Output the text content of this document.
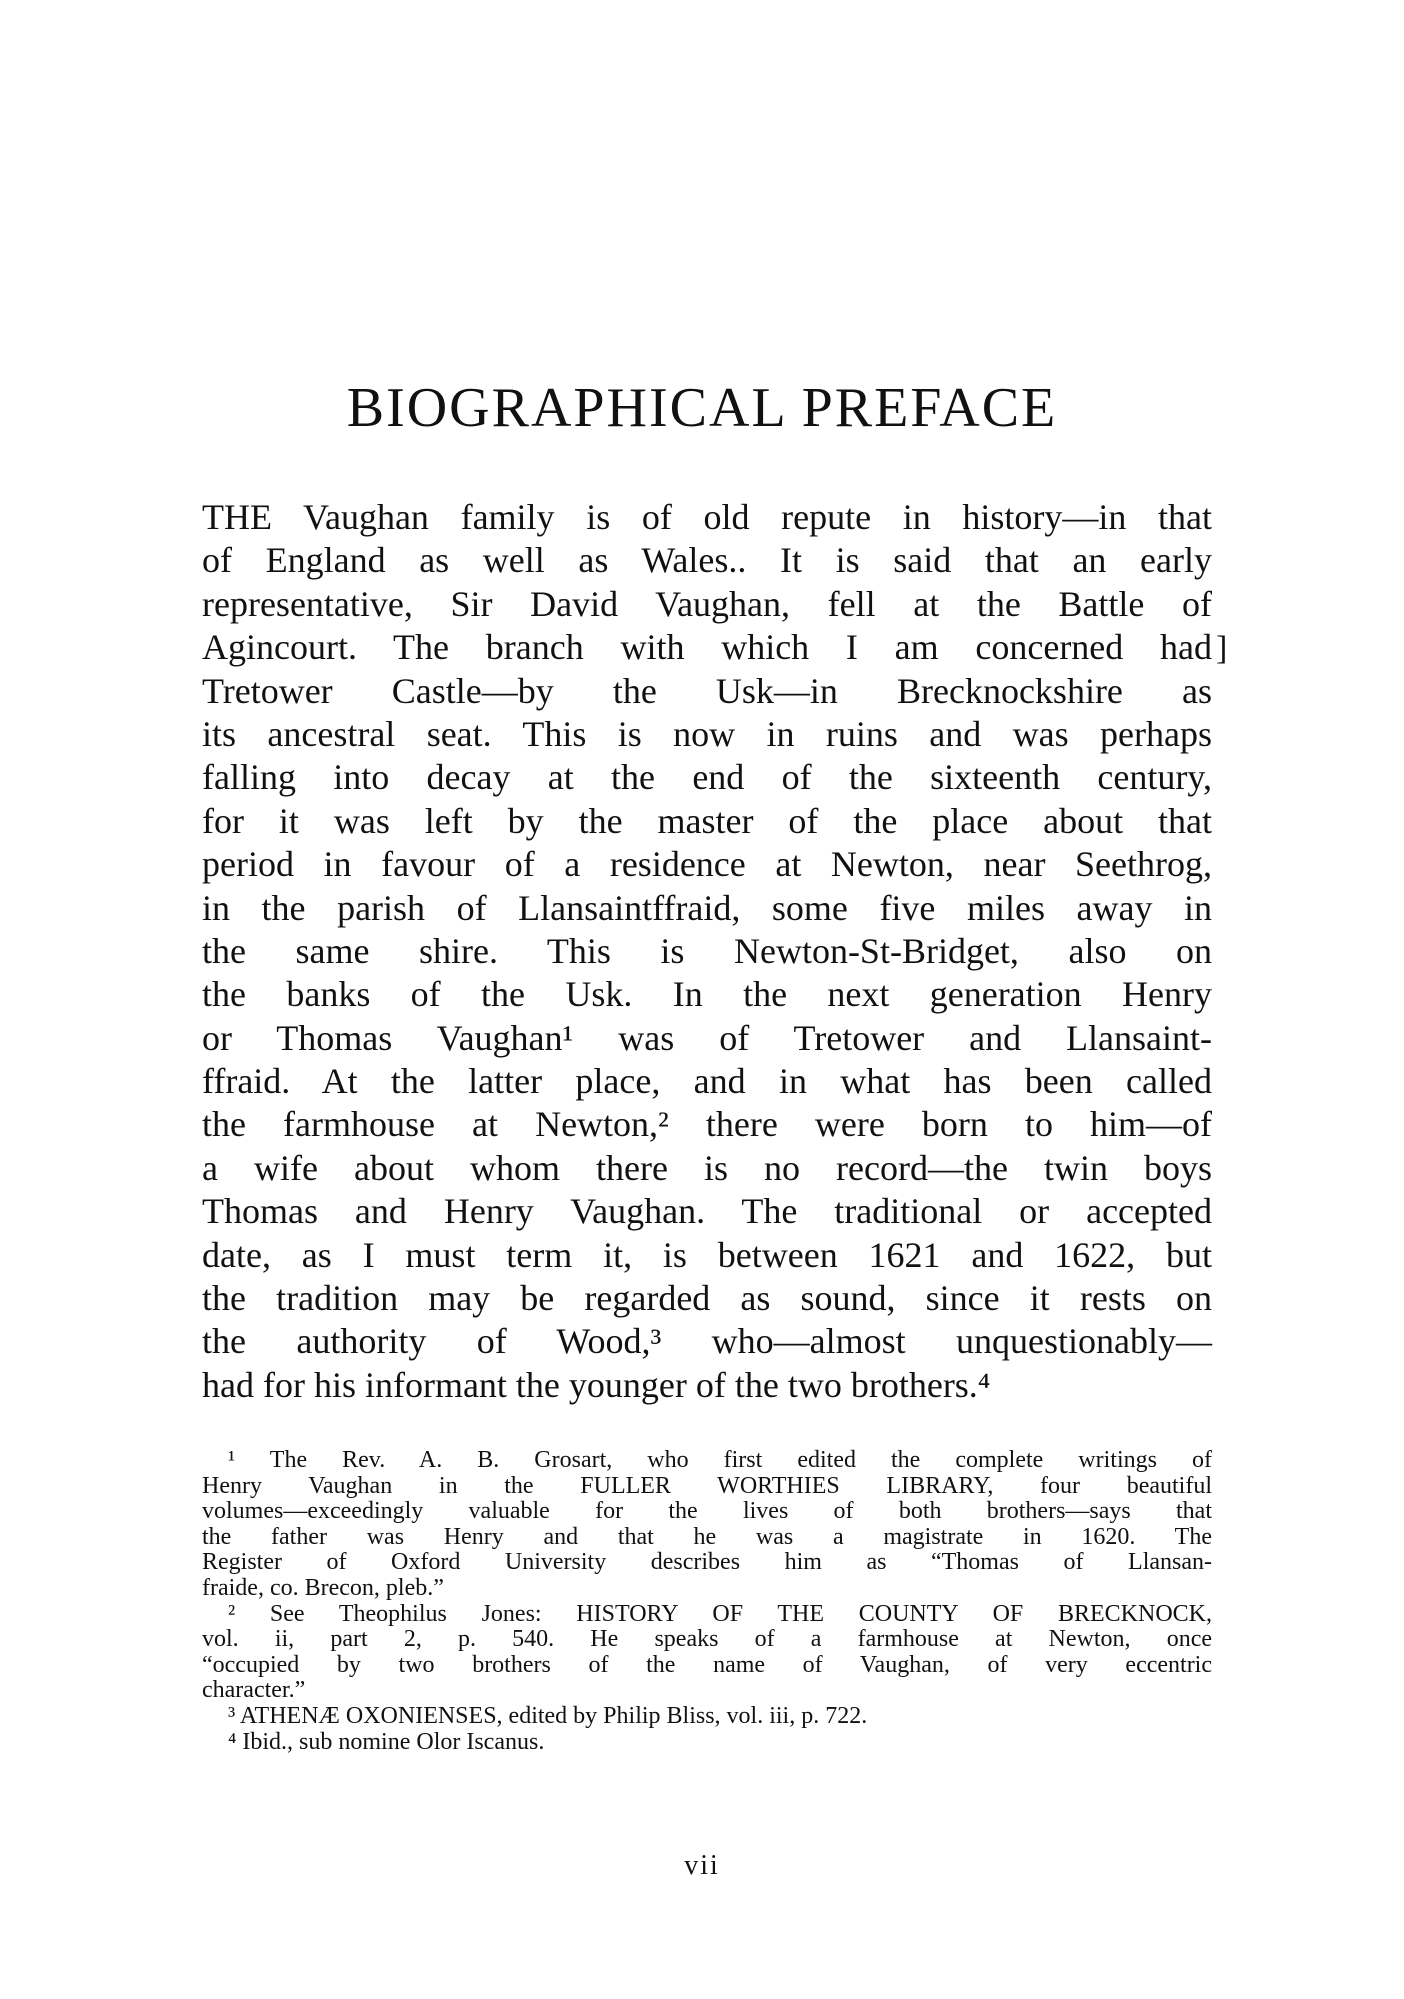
BIOGRAPHICAL PREFACE
THE Vaughan family is of old repute in history—in that
of England as well as Wales.. It is said that an early
representative, Sir David Vaughan, fell at the Battle of
Agincourt. The branch with which I am concerned had
Tretower Castle—by the Usk—in Brecknockshire as
its ancestral seat. This is now in ruins and was perhaps
falling into decay at the end of the sixteenth century,
for it was left by the master of the place about that
period in favour of a residence at Newton, near Seethrog,
in the parish of Llansaintffraid, some five miles away in
the same shire. This is Newton-St-Bridget, also on
the banks of the Usk. In the next generation Henry
or Thomas Vaughan¹ was of Tretower and Llansaint-
ffraid. At the latter place, and in what has been called
the farmhouse at Newton,² there were born to him—of
a wife about whom there is no record—the twin boys
Thomas and Henry Vaughan. The traditional or accepted
date, as I must term it, is between 1621 and 1622, but
the tradition may be regarded as sound, since it rests on
the authority of Wood,³ who—almost unquestionably—
had for his informant the younger of the two brothers.⁴
]
¹ The Rev. A. B. Grosart, who first edited the complete writings of
Henry Vaughan in the FULLER WORTHIES LIBRARY, four beautiful
volumes—exceedingly valuable for the lives of both brothers—says that
the father was Henry and that he was a magistrate in 1620. The
Register of Oxford University describes him as “Thomas of Llansan-
fraide, co. Brecon, pleb.”
² See Theophilus Jones: HISTORY OF THE COUNTY OF BRECKNOCK,
vol. ii, part 2, p. 540. He speaks of a farmhouse at Newton, once
“occupied by two brothers of the name of Vaughan, of very eccentric
character.”
³ ATHENÆ OXONIENSES, edited by Philip Bliss, vol. iii, p. 722.
⁴ Ibid., sub nomine Olor Iscanus.
vii
